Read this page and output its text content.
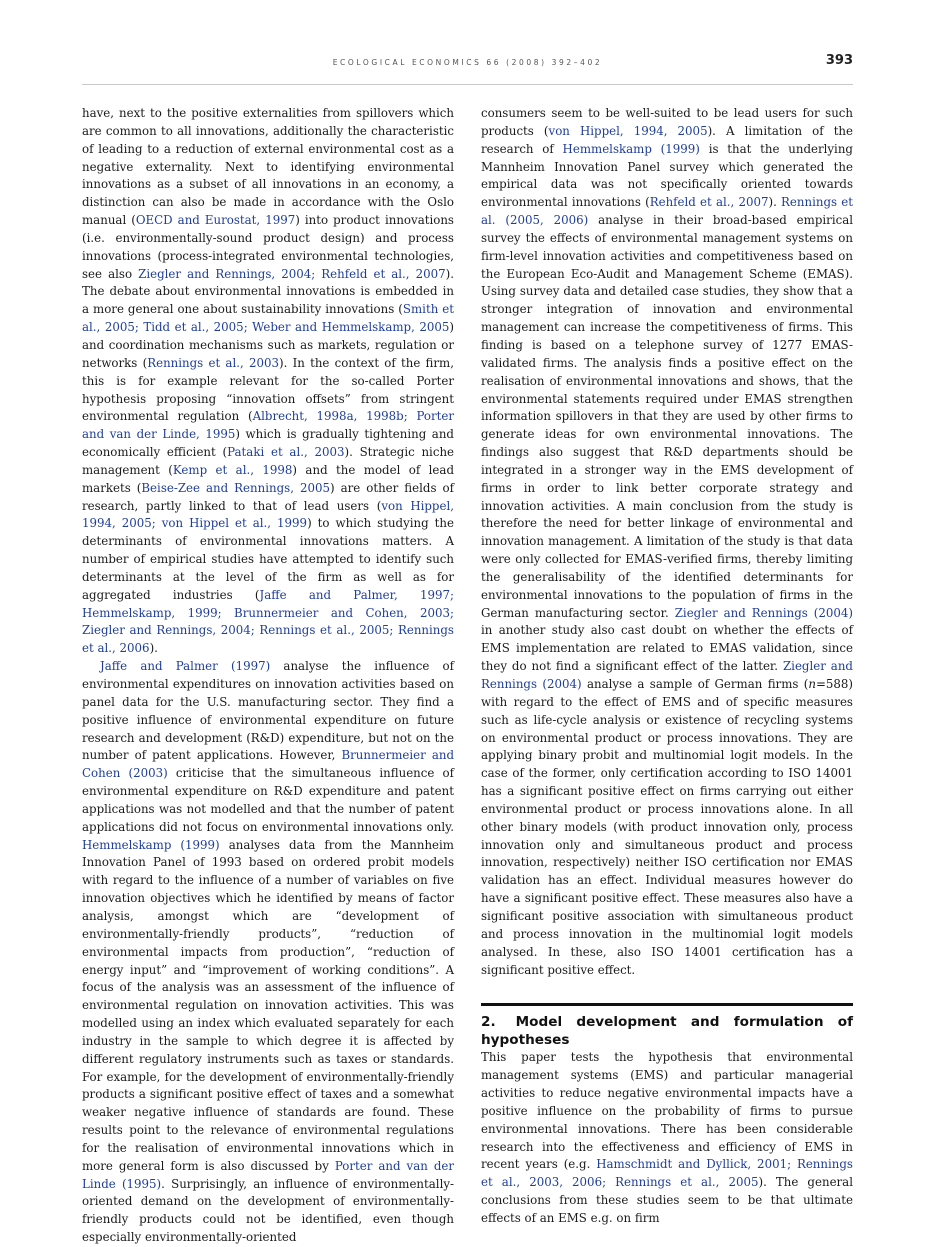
ECOLOGICAL ECONOMICS 66 (2008) 392–402	393

have, next to the positive externalities from spillovers which are common to all innovations, additionally the characteristic of leading to a reduction of external environmental cost as a negative externality. Next to identifying environmental innovations as a subset of all innovations in an economy, a distinction can also be made in accordance with the Oslo manual (OECD and Eurostat, 1997) into product innovations (i.e. environmentally-sound product design) and process innovations (process-integrated environmental technologies, see also Ziegler and Rennings, 2004; Rehfeld et al., 2007). The debate about environmental innovations is embedded in a more general one about sustainability innovations (Smith et al., 2005; Tidd et al., 2005; Weber and Hemmelskamp, 2005) and coordination mechanisms such as markets, regulation or networks (Rennings et al., 2003). In the context of the firm, this is for example relevant for the so-called Porter hypothesis proposing “innovation offsets” from stringent environmental regulation (Albrecht, 1998a, 1998b; Porter and van der Linde, 1995) which is gradually tightening and economically efficient (Pataki et al., 2003). Strategic niche management (Kemp et al., 1998) and the model of lead markets (Beise-Zee and Rennings, 2005) are other fields of research, partly linked to that of lead users (von Hippel, 1994, 2005; von Hippel et al., 1999) to which studying the determinants of environmental innovations matters. A number of empirical studies have attempted to identify such determinants at the level of the firm as well as for aggregated industries (Jaffe and Palmer, 1997; Hemmelskamp, 1999; Brunnermeier and Cohen, 2003; Ziegler and Rennings, 2004; Rennings et al., 2005; Rennings et al., 2006).

Jaffe and Palmer (1997) analyse the influence of environmental expenditures on innovation activities based on panel data for the U.S. manufacturing sector. They find a positive influence of environmental expenditure on future research and development (R&D) expenditure, but not on the number of patent applications. However, Brunnermeier and Cohen (2003) criticise that the simultaneous influence of environmental expenditure on R&D expenditure and patent applications was not modelled and that the number of patent applications did not focus on environmental innovations only. Hemmelskamp (1999) analyses data from the Mannheim Innovation Panel of 1993 based on ordered probit models with regard to the influence of a number of variables on five innovation objectives which he identified by means of factor analysis, amongst which are “development of environmentally-friendly products”, “reduction of environmental impacts from production”, “reduction of energy input” and “improvement of working conditions”. A focus of the analysis was an assessment of the influence of environmental regulation on innovation activities. This was modelled using an index which evaluated separately for each industry in the sample to which degree it is affected by different regulatory instruments such as taxes or standards. For example, for the development of environmentally-friendly products a significant positive effect of taxes and a somewhat weaker negative influence of standards are found. These results point to the relevance of environmental regulations for the realisation of environmental innovations which in more general form is also discussed by Porter and van der Linde (1995). Surprisingly, an influence of environmentally-oriented demand on the development of environmentally-friendly products could not be identified, even though especially environmentally-oriented

consumers seem to be well-suited to be lead users for such products (von Hippel, 1994, 2005). A limitation of the research of Hemmelskamp (1999) is that the underlying Mannheim Innovation Panel survey which generated the empirical data was not specifically oriented towards environmental innovations (Rehfeld et al., 2007). Rennings et al. (2005, 2006) analyse in their broad-based empirical survey the effects of environmental management systems on firm-level innovation activities and competitiveness based on the European Eco-Audit and Management Scheme (EMAS). Using survey data and detailed case studies, they show that a stronger integration of innovation and environmental management can increase the competitiveness of firms. This finding is based on a telephone survey of 1277 EMAS-validated firms. The analysis finds a positive effect on the realisation of environmental innovations and shows, that the environmental statements required under EMAS strengthen information spillovers in that they are used by other firms to generate ideas for own environmental innovations. The findings also suggest that R&D departments should be integrated in a stronger way in the EMS development of firms in order to link better corporate strategy and innovation activities. A main conclusion from the study is therefore the need for better linkage of environmental and innovation management. A limitation of the study is that data were only collected for EMAS-verified firms, thereby limiting the generalisability of the identified determinants for environmental innovations to the population of firms in the German manufacturing sector. Ziegler and Rennings (2004) in another study also cast doubt on whether the effects of EMS implementation are related to EMAS validation, since they do not find a significant effect of the latter. Ziegler and Rennings (2004) analyse a sample of German firms (n=588) with regard to the effect of EMS and of specific measures such as life-cycle analysis or existence of recycling systems on environmental product or process innovations. They are applying binary probit and multinomial logit models. In the case of the former, only certification according to ISO 14001 has a significant positive effect on firms carrying out either environmental product or process innovations alone. In all other binary models (with product innovation only, process innovation only and simultaneous product and process innovation, respectively) neither ISO certification nor EMAS validation has an effect. Individual measures however do have a significant positive effect. These measures also have a significant positive association with simultaneous product and process innovation in the multinomial logit models analysed. In these, also ISO 14001 certification has a significant positive effect.

2. Model development and formulation of hypotheses

This paper tests the hypothesis that environmental management systems (EMS) and particular managerial activities to reduce negative environmental impacts have a positive influence on the probability of firms to pursue environmental innovations. There has been considerable research into the effectiveness and efficiency of EMS in recent years (e.g. Hamschmidt and Dyllick, 2001; Rennings et al., 2003, 2006; Rennings et al., 2005). The general conclusions from these studies seem to be that ultimate effects of an EMS e.g. on firm
